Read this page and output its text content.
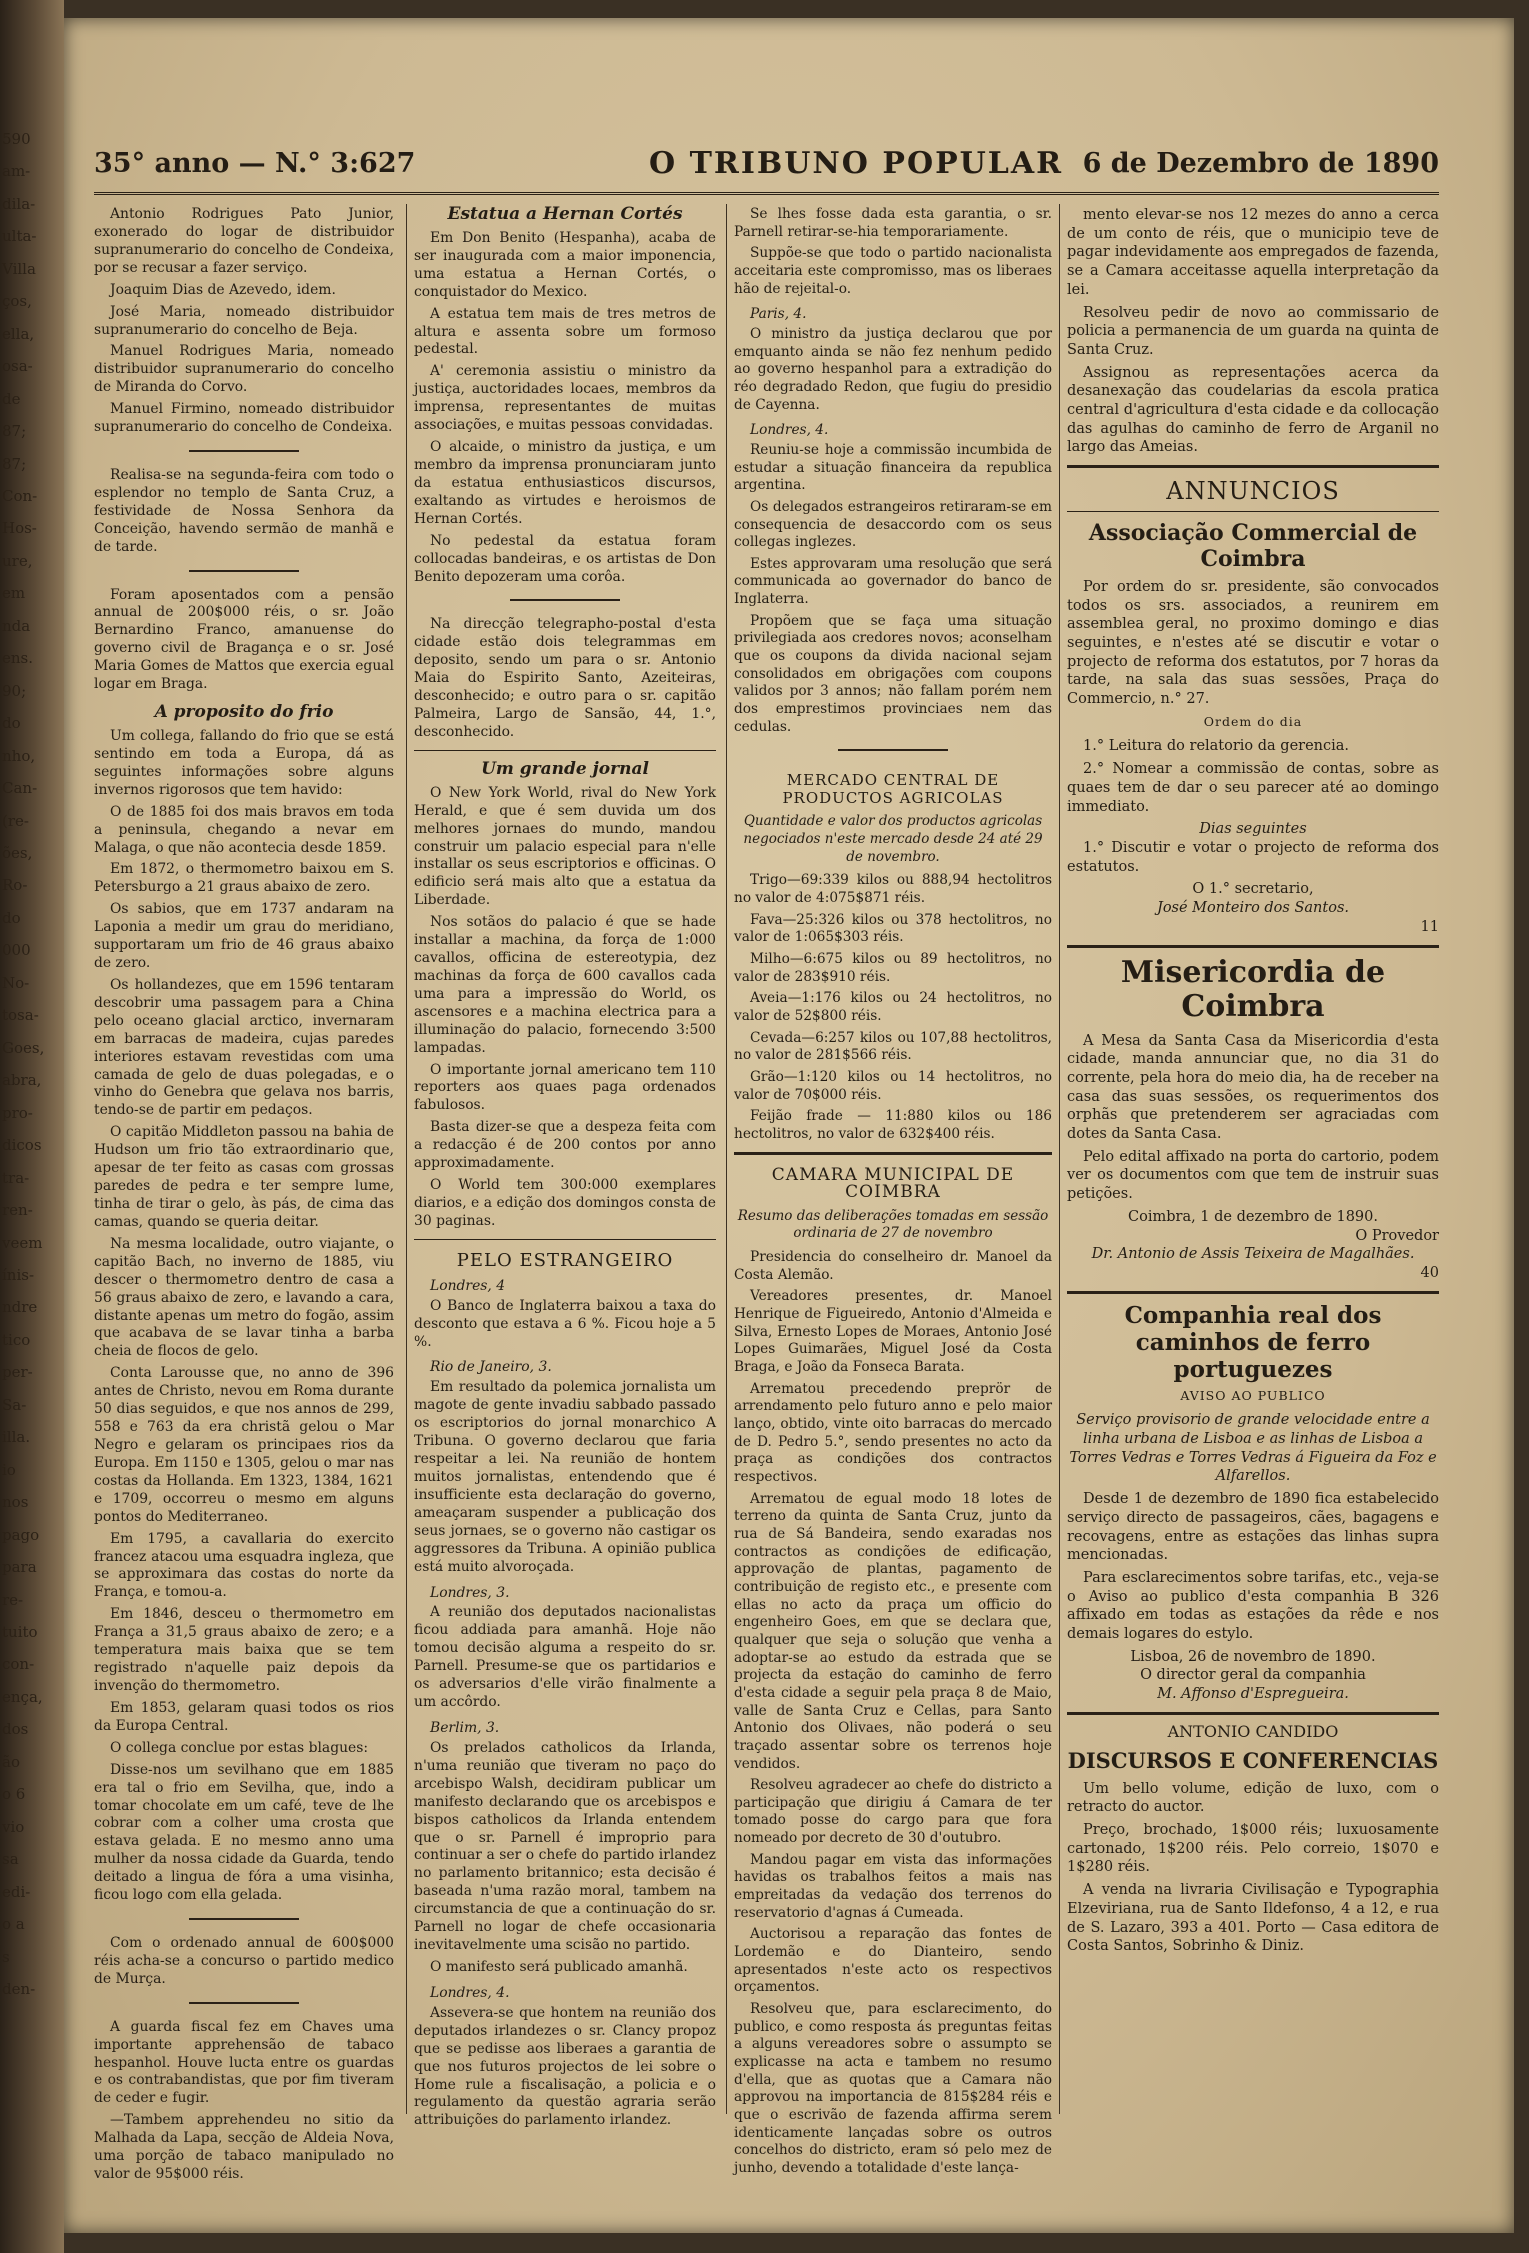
590
am-
dila-
ulta-
Villa
ços,
ella,
osa-
de
87;
87;
Con-
Hos-
ure,
em
nda
ens.
90;
do
nho,
Can-
(re-
ões,
Ro-
do
000
No-
tosa-
Goes,
abra,
pro-
dicos
tra-
ren-
veem
ínis-
ndre
tico
per-
Sa-
illa.
io
nos
pago
para
re-
tuito
con-
ença,
dos
ão
o 6
vio
sa
edi-
o a
s
den-
35° anno — N.° 3:627	O TRIBUNO POPULAR 6 de Dezembro de 1890

Antonio Rodrigues Pato Junior, exonerado do logar de distribuidor supranumerario do concelho de Condeixa, por se recusar a fazer serviço.

Joaquim Dias de Azevedo, idem.

José Maria, nomeado distribuidor supranumerario do concelho de Beja.

Manuel Rodrigues Maria, nomeado distribuidor supranumerario do concelho de Miranda do Corvo.

Manuel Firmino, nomeado distribuidor supranumerario do concelho de Condeixa.

Realisa-se na segunda-feira com todo o esplendor no templo de Santa Cruz, a festividade de Nossa Senhora da Conceição, havendo sermão de manhã e de tarde.

Foram aposentados com a pensão annual de 200$000 réis, o sr. João Bernardino Franco, amanuense do governo civil de Bragança e o sr. José Maria Gomes de Mattos que exercia egual logar em Braga.

A proposito do frio

Um collega, fallando do frio que se está sentindo em toda a Europa, dá as seguintes informações sobre alguns invernos rigorosos que tem havido:

O de 1885 foi dos mais bravos em toda a peninsula, chegando a nevar em Malaga, o que não acontecia desde 1859.

Em 1872, o thermometro baixou em S. Petersburgo a 21 graus abaixo de zero.

Os sabios, que em 1737 andaram na Laponia a medir um grau do meridiano, supportaram um frio de 46 graus abaixo de zero.

Os hollandezes, que em 1596 tentaram descobrir uma passagem para a China pelo oceano glacial arctico, invernaram em barracas de madeira, cujas paredes interiores estavam revestidas com uma camada de gelo de duas polegadas, e o vinho do Genebra que gelava nos barris, tendo-se de partir em pedaços.

O capitão Middleton passou na bahia de Hudson um frio tão extraordinario que, apesar de ter feito as casas com grossas paredes de pedra e ter sempre lume, tinha de tirar o gelo, às pás, de cima das camas, quando se queria deitar.

Na mesma localidade, outro viajante, o capitão Bach, no inverno de 1885, viu descer o thermometro dentro de casa a 56 graus abaixo de zero, e lavando a cara, distante apenas um metro do fogão, assim que acabava de se lavar tinha a barba cheia de flocos de gelo.

Conta Larousse que, no anno de 396 antes de Christo, nevou em Roma durante 50 dias seguidos, e que nos annos de 299, 558 e 763 da era christã gelou o Mar Negro e gelaram os principaes rios da Europa. Em 1150 e 1305, gelou o mar nas costas da Hollanda. Em 1323, 1384, 1621 e 1709, occorreu o mesmo em alguns pontos do Mediterraneo.

Em 1795, a cavallaria do exercito francez atacou uma esquadra ingleza, que se approximara das costas do norte da França, e tomou-a.

Em 1846, desceu o thermometro em França a 31,5 graus abaixo de zero; e a temperatura mais baixa que se tem registrado n'aquelle paiz depois da invenção do thermometro.

Em 1853, gelaram quasi todos os rios da Europa Central.

O collega conclue por estas blagues:

Disse-nos um sevilhano que em 1885 era tal o frio em Sevilha, que, indo a tomar chocolate em um café, teve de lhe cobrar com a colher uma crosta que estava gelada. E no mesmo anno uma mulher da nossa cidade da Guarda, tendo deitado a lingua de fóra a uma visinha, ficou logo com ella gelada.

Com o ordenado annual de 600$000 réis acha-se a concurso o partido medico de Murça.

A guarda fiscal fez em Chaves uma importante apprehensão de tabaco hespanhol. Houve lucta entre os guardas e os contrabandistas, que por fim tiveram de ceder e fugir.

—Tambem apprehendeu no sitio da Malhada da Lapa, secção de Aldeia Nova, uma porção de tabaco manipulado no valor de 95$000 réis.

Estatua a Hernan Cortés

Em Don Benito (Hespanha), acaba de ser inaugurada com a maior imponencia, uma estatua a Hernan Cortés, o conquistador do Mexico.

A estatua tem mais de tres metros de altura e assenta sobre um formoso pedestal.

A' ceremonia assistiu o ministro da justiça, auctoridades locaes, membros da imprensa, representantes de muitas associações, e muitas pessoas convidadas.

O alcaide, o ministro da justiça, e um membro da imprensa pronunciaram junto da estatua enthusiasticos discursos, exaltando as virtudes e heroismos de Hernan Cortés.

No pedestal da estatua foram collocadas bandeiras, e os artistas de Don Benito depozeram uma corôa.

Na direcção telegrapho-postal d'esta cidade estão dois telegrammas em deposito, sendo um para o sr. Antonio Maia do Espirito Santo, Azeiteiras, desconhecido; e outro para o sr. capitão Palmeira, Largo de Sansão, 44, 1.°, desconhecido.

Um grande jornal

O New York World, rival do New York Herald, e que é sem duvida um dos melhores jornaes do mundo, mandou construir um palacio especial para n'elle installar os seus escriptorios e officinas. O edificio será mais alto que a estatua da Liberdade.

Nos sotãos do palacio é que se hade installar a machina, da força de 1:000 cavallos, officina de estereotypia, dez machinas da força de 600 cavallos cada uma para a impressão do World, os ascensores e a machina electrica para a illuminação do palacio, fornecendo 3:500 lampadas.

O importante jornal americano tem 110 reporters aos quaes paga ordenados fabulosos.

Basta dizer-se que a despeza feita com a redacção é de 200 contos por anno approximadamente.

O World tem 300:000 exemplares diarios, e a edição dos domingos consta de 30 paginas.

PELO ESTRANGEIRO
Londres, 4

O Banco de Inglaterra baixou a taxa do desconto que estava a 6 %. Ficou hoje a 5 %.

Rio de Janeiro, 3.

Em resultado da polemica jornalista um magote de gente invadiu sabbado passado os escriptorios do jornal monarchico A Tribuna. O governo declarou que faria respeitar a lei. Na reunião de hontem muitos jornalistas, entendendo que é insufficiente esta declaração do governo, ameaçaram suspender a publicação dos seus jornaes, se o governo não castigar os aggressores da Tribuna. A opinião publica está muito alvoroçada.

Londres, 3.

A reunião dos deputados nacionalistas ficou addiada para amanhã. Hoje não tomou decisão alguma a respeito do sr. Parnell. Presume-se que os partidarios e os adversarios d'elle virão finalmente a um accôrdo.

Berlim, 3.

Os prelados catholicos da Irlanda, n'uma reunião que tiveram no paço do arcebispo Walsh, decidiram publicar um manifesto declarando que os arcebispos e bispos catholicos da Irlanda entendem que o sr. Parnell é improprio para continuar a ser o chefe do partido irlandez no parlamento britannico; esta decisão é baseada n'uma razão moral, tambem na circumstancia de que a continuação do sr. Parnell no logar de chefe occasionaria inevitavelmente uma scisão no partido.

O manifesto será publicado amanhã.

Londres, 4.

Assevera-se que hontem na reunião dos deputados irlandezes o sr. Clancy propoz que se pedisse aos liberaes a garantia de que nos futuros projectos de lei sobre o Home rule a fiscalisação, a policia e o regulamento da questão agraria serão attribuições do parlamento irlandez.

Se lhes fosse dada esta garantia, o sr. Parnell retirar-se-hia temporariamente.

Suppõe-se que todo o partido nacionalista acceitaria este compromisso, mas os liberaes hão de rejeital-o.

Paris, 4.

O ministro da justiça declarou que por emquanto ainda se não fez nenhum pedido ao governo hespanhol para a extradição do réo degradado Redon, que fugiu do presidio de Cayenna.

Londres, 4.

Reuniu-se hoje a commissão incumbida de estudar a situação financeira da republica argentina.

Os delegados estrangeiros retiraram-se em consequencia de desaccordo com os seus collegas inglezes.

Estes approvaram uma resolução que será communicada ao governador do banco de Inglaterra.

Propõem que se faça uma situação privilegiada aos credores novos; aconselham que os coupons da divida nacional sejam consolidados em obrigações com coupons validos por 3 annos; não fallam porém nem dos emprestimos provinciaes nem das cedulas.

MERCADO CENTRAL DE PRODUCTOS AGRICOLAS
Quantidade e valor dos productos agricolas negociados n'este mercado desde 24 até 29 de novembro.

Trigo—69:339 kilos ou 888,94 hectolitros no valor de 4:075$871 réis.

Fava—25:326 kilos ou 378 hectolitros, no valor de 1:065$303 réis.

Milho—6:675 kilos ou 89 hectolitros, no valor de 283$910 réis.

Aveia—1:176 kilos ou 24 hectolitros, no valor de 52$800 réis.

Cevada—6:257 kilos ou 107,88 hectolitros, no valor de 281$566 réis.

Grão—1:120 kilos ou 14 hectolitros, no valor de 70$000 réis.

Feijão frade — 11:880 kilos ou 186 hectolitros, no valor de 632$400 réis.

CAMARA MUNICIPAL DE COIMBRA
Resumo das deliberações tomadas em sessão ordinaria de 27 de novembro

Presidencia do conselheiro dr. Manoel da Costa Alemão.

Vereadores presentes, dr. Manoel Henrique de Figueiredo, Antonio d'Almeida e Silva, Ernesto Lopes de Moraes, Antonio José Lopes Guimarães, Miguel José da Costa Braga, e João da Fonseca Barata.

Arrematou precedendo preprör de arrendamento pelo futuro anno e pelo maior lanço, obtido, vinte oito barracas do mercado de D. Pedro 5.°, sendo presentes no acto da praça as condições dos contractos respectivos.

Arrematou de egual modo 18 lotes de terreno da quinta de Santa Cruz, junto da rua de Sá Bandeira, sendo exaradas nos contractos as condições de edificação, approvação de plantas, pagamento de contribuição de registo etc., e presente com ellas no acto da praça um officio do engenheiro Goes, em que se declara que, qualquer que seja o solução que venha a adoptar-se ao estudo da estrada que se projecta da estação do caminho de ferro d'esta cidade a seguir pela praça 8 de Maio, valle de Santa Cruz e Cellas, para Santo Antonio dos Olivaes, não poderá o seu traçado assentar sobre os terrenos hoje vendidos.

Resolveu agradecer ao chefe do districto a participação que dirigiu á Camara de ter tomado posse do cargo para que fora nomeado por decreto de 30 d'outubro.

Mandou pagar em vista das informações havidas os trabalhos feitos a mais nas empreitadas da vedação dos terrenos do reservatorio d'agnas á Cumeada.

Auctorisou a reparação das fontes de Lordemão e do Dianteiro, sendo apresentados n'este acto os respectivos orçamentos.

Resolveu que, para esclarecimento, do publico, e como resposta ás preguntas feitas a alguns vereadores sobre o assumpto se explicasse na acta e tambem no resumo d'ella, que as quotas que a Camara não approvou na importancia de 815$284 réis e que o escrivão de fazenda affirma serem identicamente lançadas sobre os outros concelhos do districto, eram só pelo mez de junho, devendo a totalidade d'este lança-

mento elevar-se nos 12 mezes do anno a cerca de um conto de réis, que o municipio teve de pagar indevidamente aos empregados de fazenda, se a Camara acceitasse aquella interpretação da lei.

Resolveu pedir de novo ao commissario de policia a permanencia de um guarda na quinta de Santa Cruz.

Assignou as representações acerca da desanexação das coudelarias da escola pratica central d'agricultura d'esta cidade e da collocação das agulhas do caminho de ferro de Arganil no largo das Ameias.

ANNUNCIOS
Associação Commercial de Coimbra

Por ordem do sr. presidente, são convocados todos os srs. associados, a reunirem em assemblea geral, no proximo domingo e dias seguintes, e n'estes até se discutir e votar o projecto de reforma dos estatutos, por 7 horas da tarde, na sala das suas sessões, Praça do Commercio, n.° 27.

Ordem do dia

1.° Leitura do relatorio da gerencia.

2.° Nomear a commissão de contas, sobre as quaes tem de dar o seu parecer até ao domingo immediato.

Dias seguintes

1.° Discutir e votar o projecto de reforma dos estatutos.

O 1.° secretario,
José Monteiro dos Santos.
11
Misericordia de Coimbra

A Mesa da Santa Casa da Misericordia d'esta cidade, manda annunciar que, no dia 31 do corrente, pela hora do meio dia, ha de receber na casa das suas sessões, os requerimentos dos orphãs que pretenderem ser agraciadas com dotes da Santa Casa.

Pelo edital affixado na porta do cartorio, podem ver os documentos com que tem de instruir suas petições.

Coimbra, 1 de dezembro de 1890.
O Provedor
Dr. Antonio de Assis Teixeira de Magalhães.
40
Companhia real dos caminhos de ferro portuguezes
AVISO AO PUBLICO

Serviço provisorio de grande velocidade entre a linha urbana de Lisboa e as linhas de Lisboa a Torres Vedras e Torres Vedras á Figueira da Foz e Alfarellos.

Desde 1 de dezembro de 1890 fica estabelecido serviço directo de passageiros, cães, bagagens e recovagens, entre as estações das linhas supra mencionadas.

Para esclarecimentos sobre tarifas, etc., veja-se o Aviso ao publico d'esta companhia B 326 affixado em todas as estações da rêde e nos demais logares do estylo.

Lisboa, 26 de novembro de 1890.
O director geral da companhia
M. Affonso d'Espregueira.
ANTONIO CANDIDO
DISCURSOS E CONFERENCIAS

Um bello volume, edição de luxo, com o retracto do auctor.

Preço, brochado, 1$000 réis; luxuosamente cartonado, 1$200 réis. Pelo correio, 1$070 e 1$280 réis.

A venda na livraria Civilisação e Typographia Elzeviriana, rua de Santo Ildefonso, 4 a 12, e rua de S. Lazaro, 393 a 401. Porto — Casa editora de Costa Santos, Sobrinho & Diniz.
